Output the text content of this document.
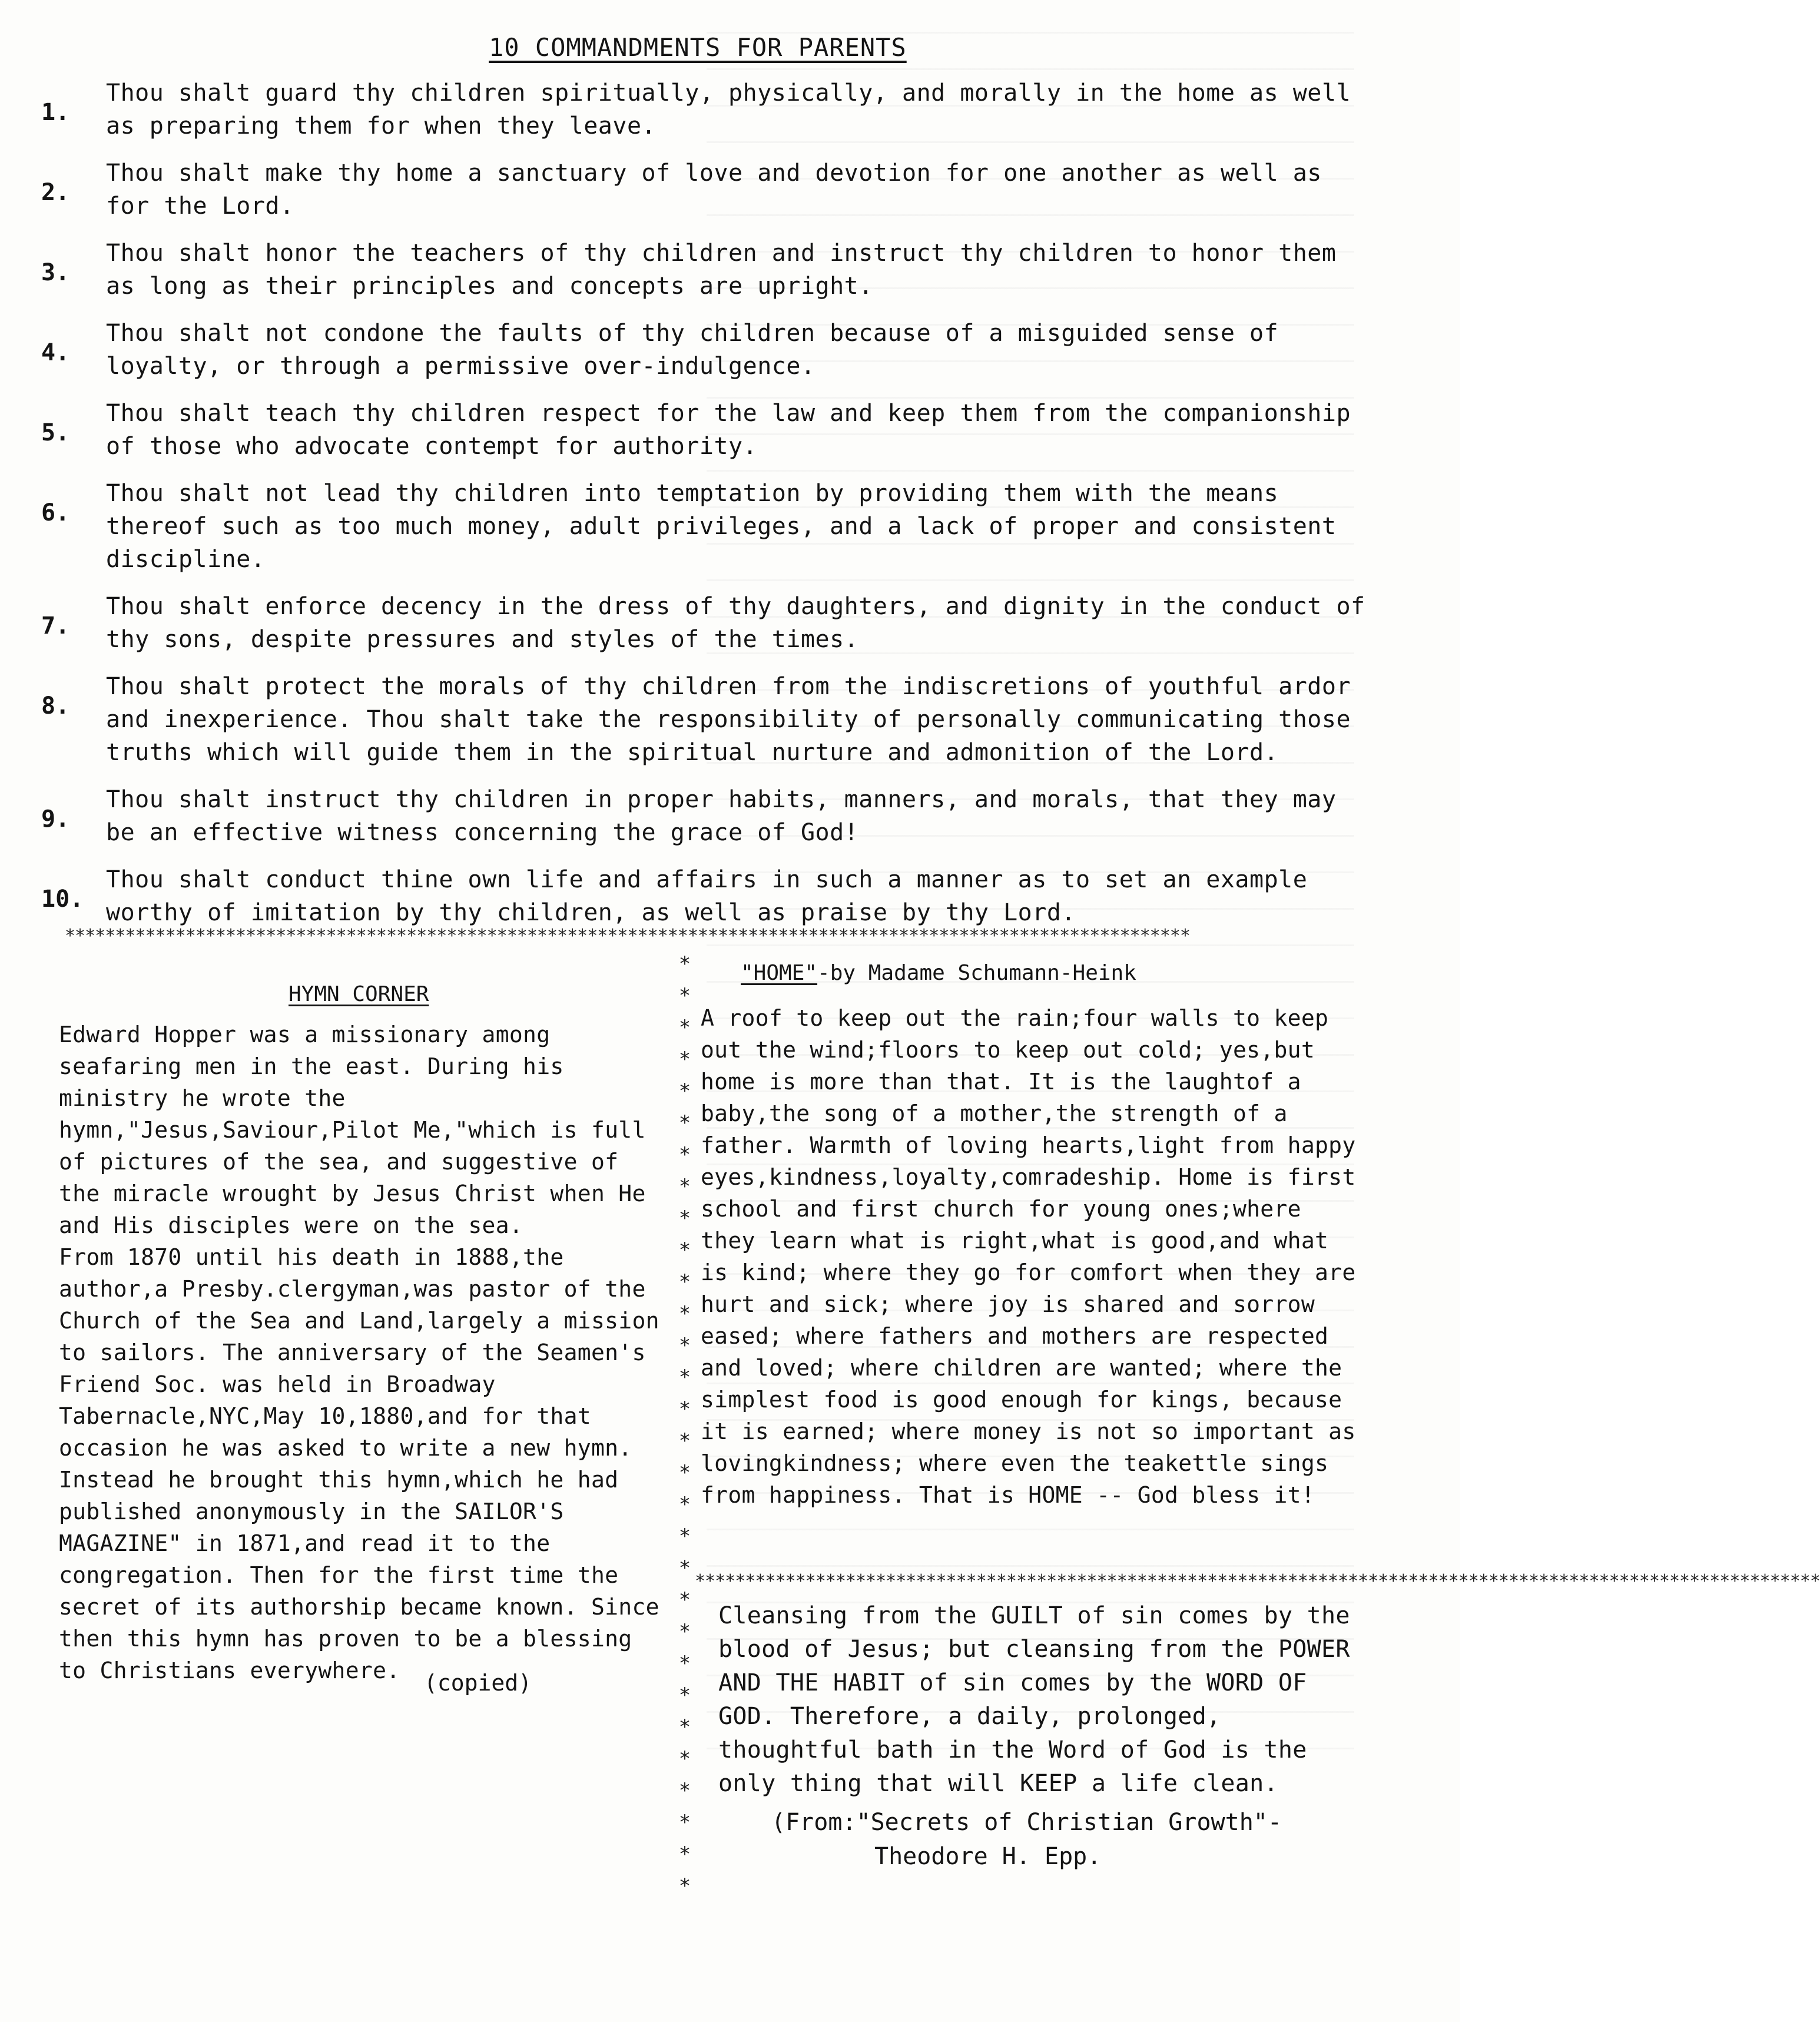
10 COMMANDMENTS FOR PARENTS
1.
Thou shalt guard thy children spiritually, physically, and morally in the home as well as preparing them for when they leave.
2.
Thou shalt make thy home a sanctuary of love and devotion for one another as well as for the Lord.
3.
Thou shalt honor the teachers of thy children and instruct thy children to honor them as long as their principles and concepts are upright.
4.
Thou shalt not condone the faults of thy children because of a misguided sense of loyalty, or through a permissive over-indulgence.
5.
Thou shalt teach thy children respect for the law and keep them from the companionship of those who advocate contempt for authority.
6.
Thou shalt not lead thy children into temptation by providing them with the means thereof such as too much money, adult privileges, and a lack of proper and consistent discipline.
7.
Thou shalt enforce decency in the dress of thy daughters, and dignity in the conduct of thy sons, despite pressures and styles of the times.
8.
Thou shalt protect the morals of thy children from the indiscretions of youthful ardor and inexperience. Thou shalt take the responsibility of personally communicating those truths which will guide them in the spiritual nurture and admonition of the Lord.
9.
Thou shalt instruct thy children in proper habits, manners, and morals, that they may be an effective witness concerning the grace of God!
10.
Thou shalt conduct thine own life and affairs in such a manner as to set an example worthy of imitation by thy children, as well as praise by thy Lord.
****************************************************************************************************************
* * * * * * * * * * * * * * * * * * * * * * * * * * * * * *
HYMN CORNER

Edward Hopper was a missionary among seafaring men in the east. During his ministry he wrote the hymn,"Jesus,Saviour,Pilot Me,"which is full of pictures of the sea, and suggestive of the miracle wrought by Jesus Christ when He and His disciples were on the sea.

From 1870 until his death in 1888,the author,a Presby.clergyman,was pastor of the Church of the Sea and Land,largely a mission to sailors. The anniversary of the Seamen's Friend Soc. was held in Broadway Tabernacle,NYC,May 10,1880,and for that occasion he was asked to write a new hymn. Instead he brought this hymn,which he had published anonymously in the SAILOR'S MAGAZINE" in 1871,and read it to the congregation. Then for the first time the secret of its authorship became known. Since then this hymn has proven to be a blessing to Christians everywhere.	(copied)
"HOME"-by Madame Schumann-Heink

A roof to keep out the rain;four walls to keep out the wind;floors to keep out cold; yes,but home is more than that. It is the laughtof a baby,the song of a mother,the strength of a father. Warmth of loving hearts,light from happy eyes,kindness,loyalty,comradeship. Home is first school and first church for young ones;where they learn what is right,what is good,and what is kind; where they go for comfort when they are hurt and sick; where joy is shared and sorrow eased; where fathers and mothers are respected and loved; where children are wanted; where the simplest food is good enough for kings, because it is earned; where money is not so important as lovingkindness; where even the teakettle sings from happiness. That is HOME -- God bless it!

****************************************************************************************************************

Cleansing from the GUILT of sin comes by the blood of Jesus; but cleansing from the POWER AND THE HABIT of sin comes by the WORD OF GOD. Therefore, a daily, prolonged, thoughtful bath in the Word of God is the only thing that will KEEP a life clean.

(From:"Secrets of Christian Growth"-
Theodore H. Epp.
